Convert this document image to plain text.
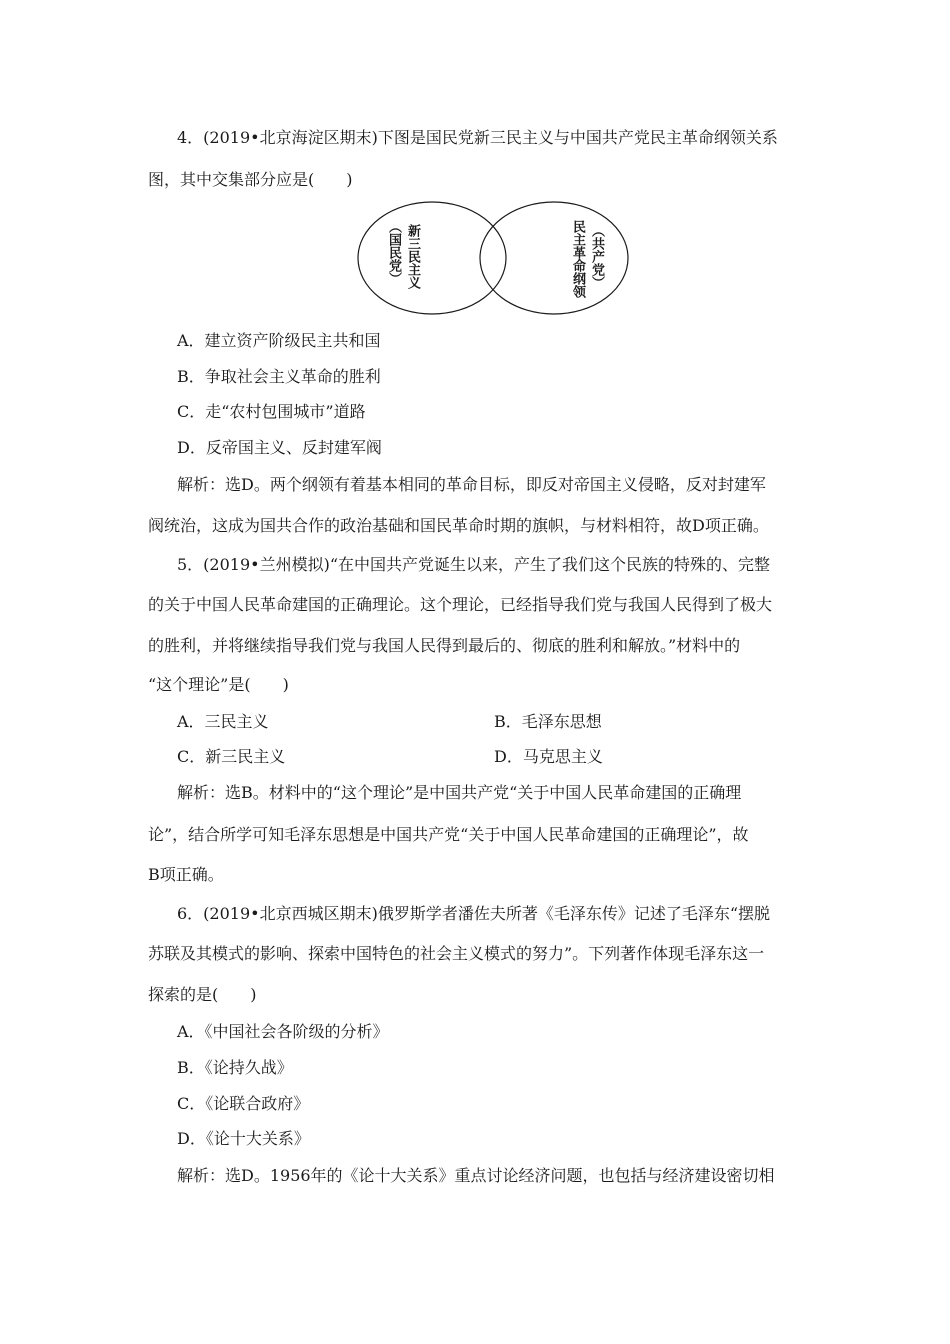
4．(2019•北京海淀区期末)下图是国民党新三民主义与中国共产党民主革命纲领关系
图，其中交集部分应是(　　)
新三民主义
（国民党）	民主革命纲领 （共产党）
A．建立资产阶级民主共和国
B．争取社会主义革命的胜利
C．走“农村包围城市”道路
D．反帝国主义、反封建军阀
解析：选D。两个纲领有着基本相同的革命目标，即反对帝国主义侵略，反对封建军
阀统治，这成为国共合作的政治基础和国民革命时期的旗帜，与材料相符，故D项正确。
5．(2019•兰州模拟)“在中国共产党诞生以来，产生了我们这个民族的特殊的、完整
的关于中国人民革命建国的正确理论。这个理论，已经指导我们党与我国人民得到了极大
的胜利，并将继续指导我们党与我国人民得到最后的、彻底的胜利和解放。”材料中的
“这个理论”是(　　)
A．三民主义	B．毛泽东思想
C．新三民主义	D．马克思主义
解析：选B。材料中的“这个理论”是中国共产党“关于中国人民革命建国的正确理
论”，结合所学可知毛泽东思想是中国共产党“关于中国人民革命建国的正确理论”，故
B项正确。
6．(2019•北京西城区期末)俄罗斯学者潘佐夫所著《毛泽东传》记述了毛泽东“摆脱
苏联及其模式的影响、探索中国特色的社会主义模式的努力”。下列著作体现毛泽东这一
探索的是(　　)
A．《中国社会各阶级的分析》
B．《论持久战》
C．《论联合政府》
D．《论十大关系》
解析：选D。1956年的《论十大关系》重点讨论经济问题，也包括与经济建设密切相
